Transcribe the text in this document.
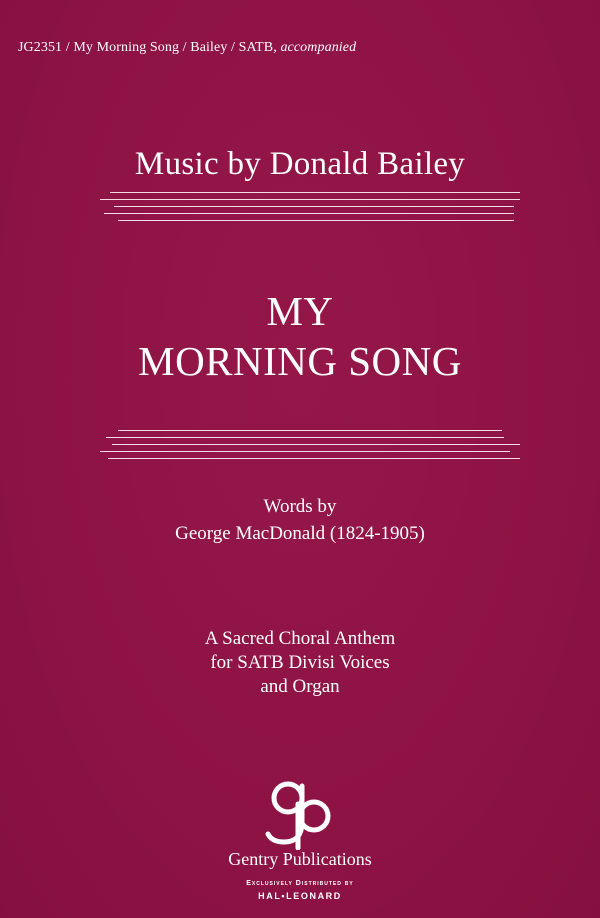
JG2351 / My Morning Song / Bailey / SATB, accompanied
Music by Donald Bailey
MY
MORNING SONG
Words by
George MacDonald (1824-1905)
A Sacred Choral Anthem
for SATB Divisi Voices
and Organ
Gentry Publications
Exclusively Distributed by
HAL•LEONARD
